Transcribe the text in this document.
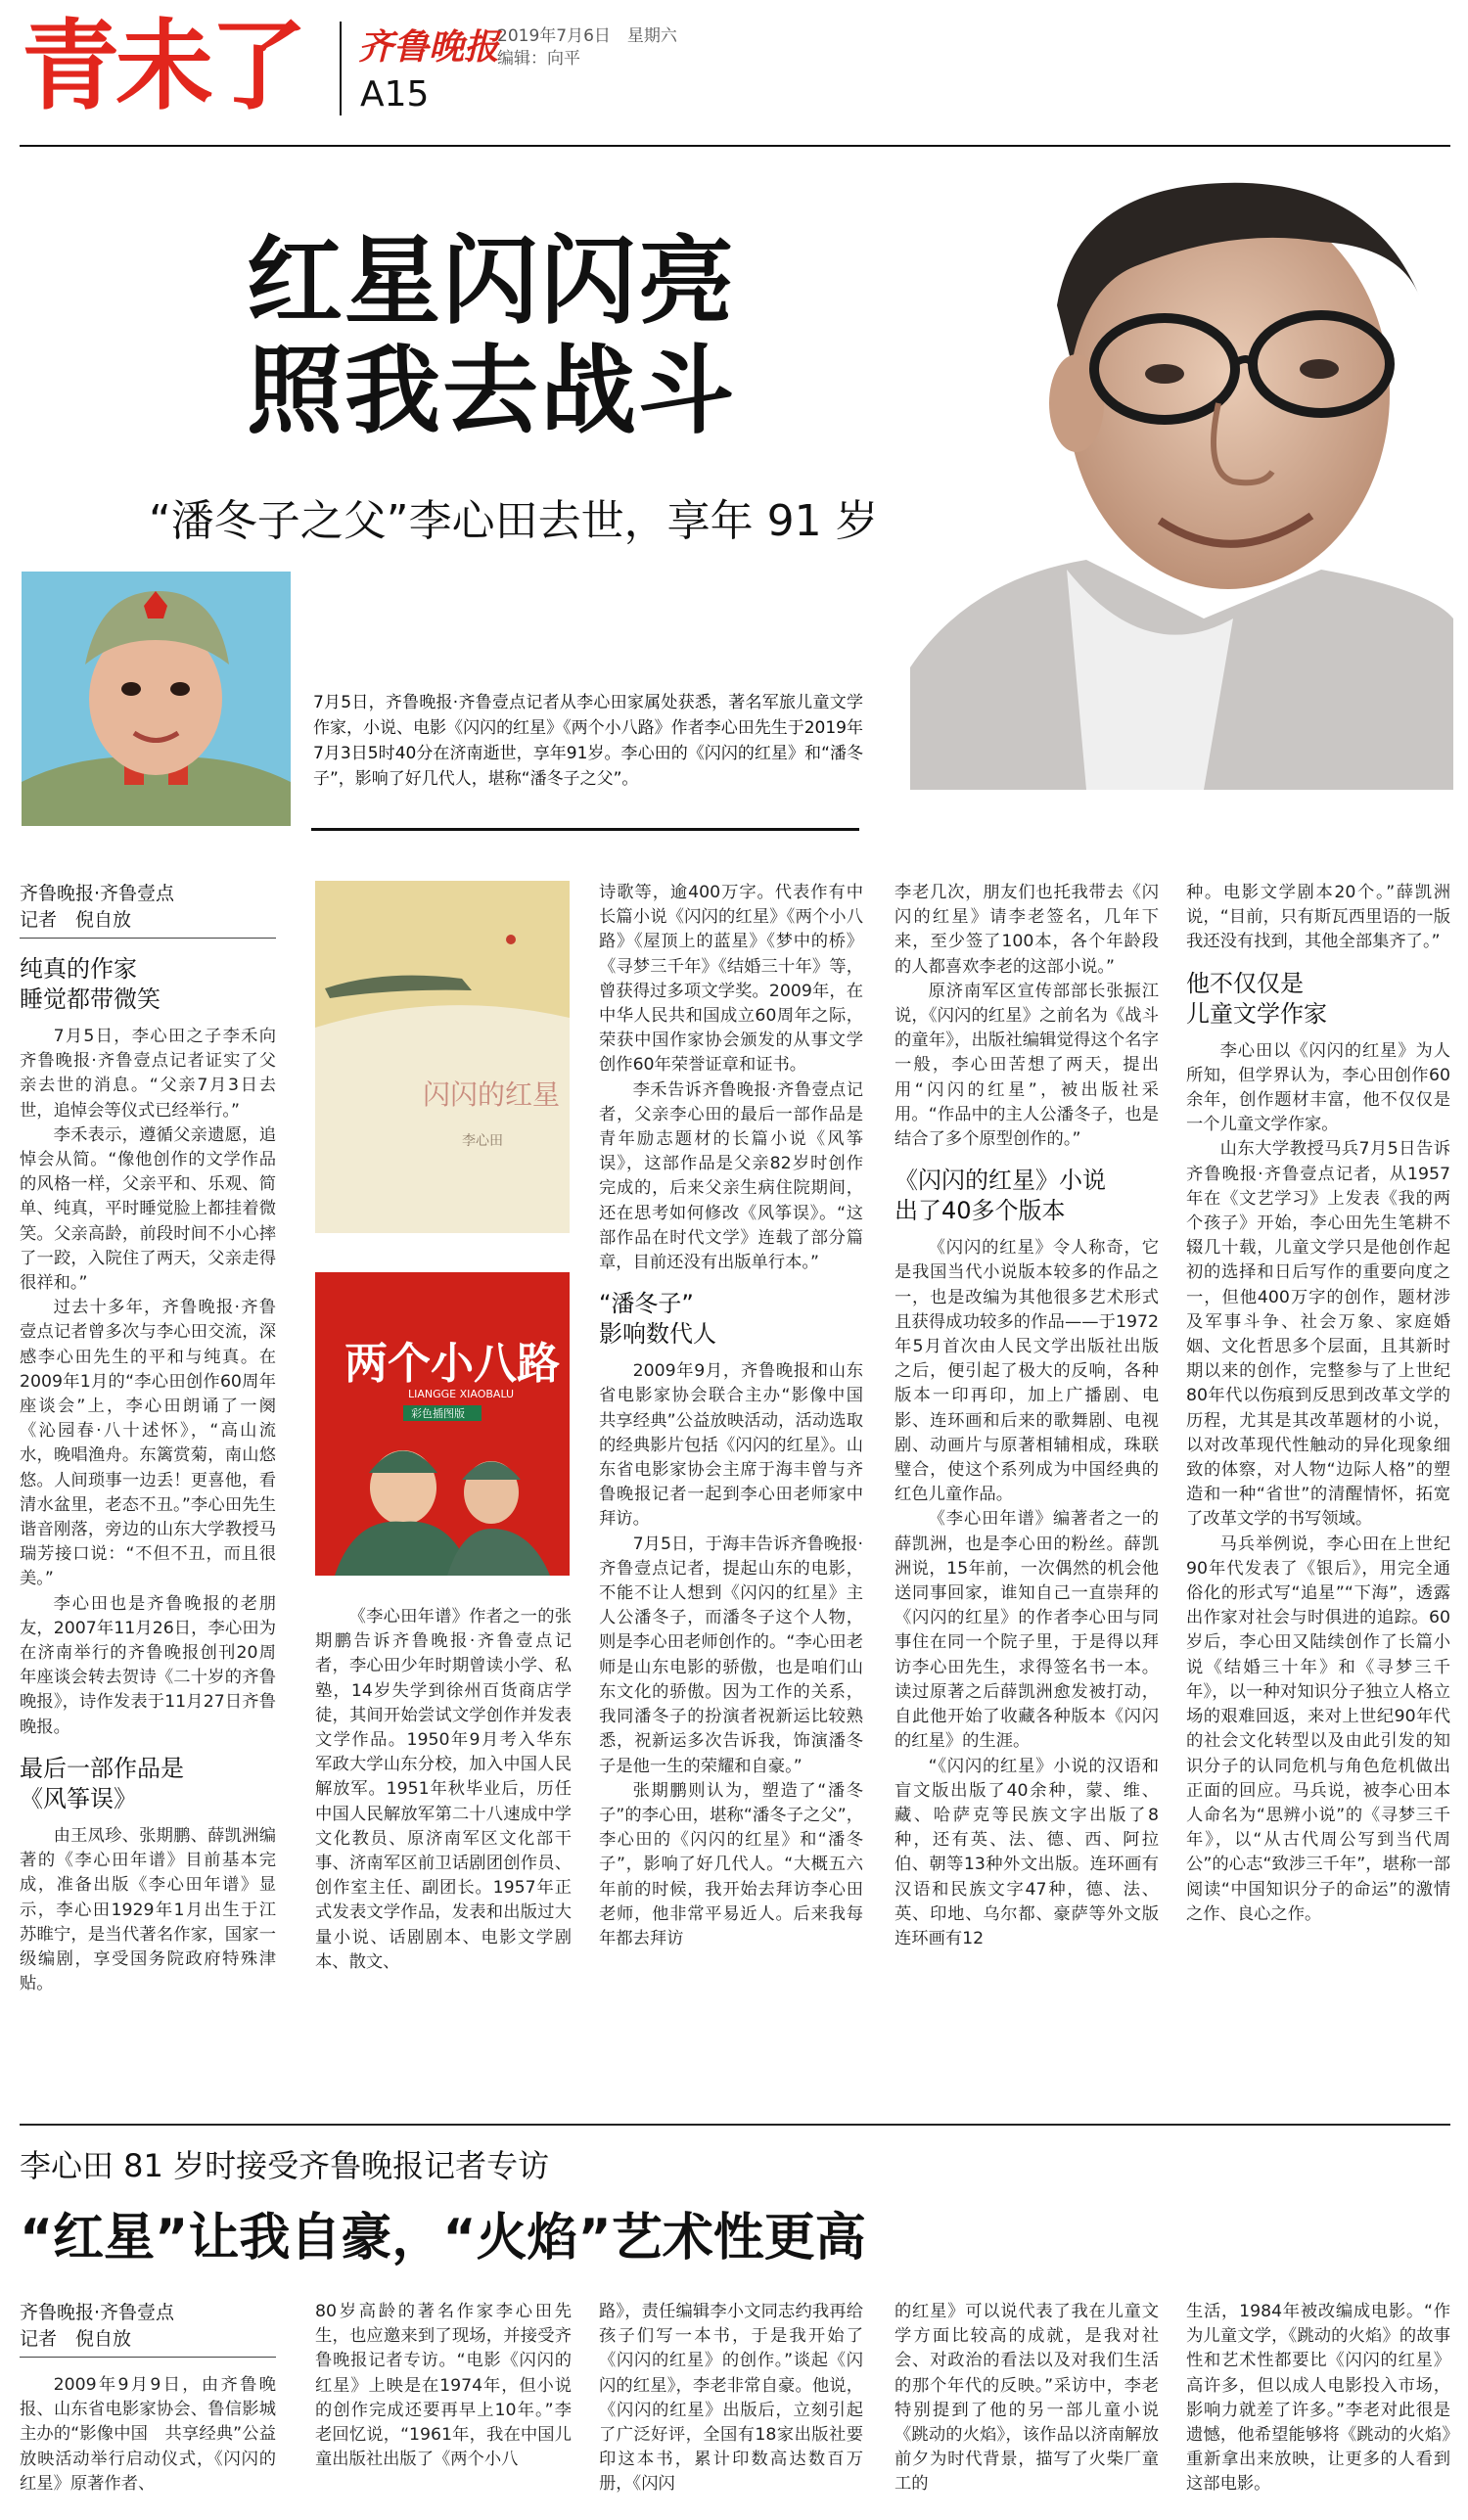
青未了	齐鲁晚报
2019年7月6日　星期六
编辑：向平
A15
红星闪闪亮
照我去战斗
“潘冬子之父”李心田去世，享年 91 岁
7月5日，齐鲁晚报·齐鲁壹点记者从李心田家属处获悉，著名军旅儿童文学作家，小说、电影《闪闪的红星》《两个小八路》作者李心田先生于2019年7月3日5时40分在济南逝世，享年91岁。李心田的《闪闪的红星》和“潘冬子”，影响了好几代人，堪称“潘冬子之父”。
闪闪的红星
李心田
两个小八路
LIANGGE XIAOBALU
彩色插图版

齐鲁晚报·齐鲁壹点

记者　倪自放

纯真的作家
睡觉都带微笑

7月5日，李心田之子李禾向齐鲁晚报·齐鲁壹点记者证实了父亲去世的消息。“父亲7月3日去世，追悼会等仪式已经举行。”

李禾表示，遵循父亲遗愿，追悼会从简。“像他创作的文学作品的风格一样，父亲平和、乐观、简单、纯真，平时睡觉脸上都挂着微笑。父亲高龄，前段时间不小心摔了一跤，入院住了两天，父亲走得很祥和。”

过去十多年，齐鲁晚报·齐鲁壹点记者曾多次与李心田交流，深感李心田先生的平和与纯真。在2009年1月的“李心田创作60周年座谈会”上，李心田朗诵了一阕《沁园春·八十述怀》，“高山流水，晚唱渔舟。东篱赏菊，南山悠悠。人间琐事一边丢！更喜他，看清水盆里，老态不丑。”李心田先生谐音刚落，旁边的山东大学教授马瑞芳接口说：“不但不丑，而且很美。”

李心田也是齐鲁晚报的老朋友，2007年11月26日，李心田为在济南举行的齐鲁晚报创刊20周年座谈会转去贺诗《二十岁的齐鲁晚报》，诗作发表于11月27日齐鲁晚报。

最后一部作品是
《风筝误》

由王凤珍、张期鹏、薛凯洲编著的《李心田年谱》目前基本完成，准备出版《李心田年谱》显示，李心田1929年1月出生于江苏睢宁，是当代著名作家，国家一级编剧，享受国务院政府特殊津贴。

《李心田年谱》作者之一的张期鹏告诉齐鲁晚报·齐鲁壹点记者，李心田少年时期曾读小学、私塾，14岁失学到徐州百货商店学徒，其间开始尝试文学创作并发表文学作品。1950年9月考入华东军政大学山东分校，加入中国人民解放军。1951年秋毕业后，历任中国人民解放军第二十八速成中学文化教员、原济南军区文化部干事、济南军区前卫话剧团创作员、创作室主任、副团长。1957年正式发表文学作品，发表和出版过大量小说、话剧剧本、电影文学剧本、散文、

诗歌等，逾400万字。代表作有中长篇小说《闪闪的红星》《两个小八路》《屋顶上的蓝星》《梦中的桥》《寻梦三千年》《结婚三十年》等，曾获得过多项文学奖。2009年，在中华人民共和国成立60周年之际，荣获中国作家协会颁发的从事文学创作60年荣誉证章和证书。

李禾告诉齐鲁晚报·齐鲁壹点记者，父亲李心田的最后一部作品是青年励志题材的长篇小说《风筝误》，这部作品是父亲82岁时创作完成的，后来父亲生病住院期间，还在思考如何修改《风筝误》。“这部作品在时代文学》连载了部分篇章，目前还没有出版单行本。”

“潘冬子”
影响数代人

2009年9月，齐鲁晚报和山东省电影家协会联合主办“影像中国　共享经典”公益放映活动，活动选取的经典影片包括《闪闪的红星》。山东省电影家协会主席于海丰曾与齐鲁晚报记者一起到李心田老师家中拜访。

7月5日，于海丰告诉齐鲁晚报·齐鲁壹点记者，提起山东的电影，不能不让人想到《闪闪的红星》主人公潘冬子，而潘冬子这个人物，则是李心田老师创作的。“李心田老师是山东电影的骄傲，也是咱们山东文化的骄傲。因为工作的关系，我同潘冬子的扮演者祝新运比较熟悉，祝新运多次告诉我，饰演潘冬子是他一生的荣耀和自豪。”

张期鹏则认为，塑造了“潘冬子”的李心田，堪称“潘冬子之父”，李心田的《闪闪的红星》和“潘冬子”，影响了好几代人。“大概五六年前的时候，我开始去拜访李心田老师，他非常平易近人。后来我每年都去拜访

李老几次，朋友们也托我带去《闪闪的红星》请李老签名，几年下来，至少签了100本，各个年龄段的人都喜欢李老的这部小说。”

原济南军区宣传部部长张振江说，《闪闪的红星》之前名为《战斗的童年》，出版社编辑觉得这个名字一般，李心田苦想了两天，提出用“闪闪的红星”，被出版社采用。“作品中的主人公潘冬子，也是结合了多个原型创作的。”

《闪闪的红星》小说
出了40多个版本

《闪闪的红星》令人称奇，它是我国当代小说版本较多的作品之一，也是改编为其他很多艺术形式且获得成功较多的作品——于1972年5月首次由人民文学出版社出版之后，便引起了极大的反响，各种版本一印再印，加上广播剧、电影、连环画和后来的歌舞剧、电视剧、动画片与原著相辅相成，珠联璧合，使这个系列成为中国经典的红色儿童作品。

《李心田年谱》编著者之一的薛凯洲，也是李心田的粉丝。薛凯洲说，15年前，一次偶然的机会他送同事回家，谁知自己一直崇拜的《闪闪的红星》的作者李心田与同事住在同一个院子里，于是得以拜访李心田先生，求得签名书一本。读过原著之后薛凯洲愈发被打动，自此他开始了收藏各种版本《闪闪的红星》的生涯。

“《闪闪的红星》小说的汉语和盲文版出版了40余种，蒙、维、藏、哈萨克等民族文字出版了8种，还有英、法、德、西、阿拉伯、朝等13种外文出版。连环画有汉语和民族文字47种，德、法、英、印地、乌尔都、豪萨等外文版连环画有12

种。电影文学剧本20个。”薛凯洲说，“目前，只有斯瓦西里语的一版我还没有找到，其他全部集齐了。”

他不仅仅是
儿童文学作家

李心田以《闪闪的红星》为人所知，但学界认为，李心田创作60余年，创作题材丰富，他不仅仅是一个儿童文学作家。

山东大学教授马兵7月5日告诉齐鲁晚报·齐鲁壹点记者，从1957年在《文艺学习》上发表《我的两个孩子》开始，李心田先生笔耕不辍几十载，儿童文学只是他创作起初的选择和日后写作的重要向度之一，但他400万字的创作，题材涉及军事斗争、社会万象、家庭婚姻、文化哲思多个层面，且其新时期以来的创作，完整参与了上世纪80年代以伤痕到反思到改革文学的历程，尤其是其改革题材的小说，以对改革现代性触动的异化现象细致的体察，对人物“边际人格”的塑造和一种“省世”的清醒情怀，拓宽了改革文学的书写领域。

马兵举例说，李心田在上世纪90年代发表了《银后》，用完全通俗化的形式写“追星”“下海”，透露出作家对社会与时俱进的追踪。60岁后，李心田又陆续创作了长篇小说《结婚三十年》和《寻梦三千年》，以一种对知识分子独立人格立场的艰难回返，来对上世纪90年代的社会文化转型以及由此引发的知识分子的认同危机与角色危机做出正面的回应。马兵说，被李心田本人命名为“思辨小说”的《寻梦三千年》，以“从古代周公写到当代周公”的心志“致涉三千年”，堪称一部阅读“中国知识分子的命运”的激情之作、良心之作。

李心田 81 岁时接受齐鲁晚报记者专访
“红星”让我自豪，“火焰”艺术性更高

齐鲁晚报·齐鲁壹点

记者　倪自放

2009年9月9日，由齐鲁晚报、山东省电影家协会、鲁信影城主办的“影像中国　共享经典”公益放映活动举行启动仪式，《闪闪的红星》原著作者、

80岁高龄的著名作家李心田先生，也应邀来到了现场，并接受齐鲁晚报记者专访。“电影《闪闪的红星》上映是在1974年，但小说的创作完成还要再早上10年。”李老回忆说，“1961年，我在中国儿童出版社出版了《两个小八

路》，责任编辑李小文同志约我再给孩子们写一本书，于是我开始了《闪闪的红星》的创作。”谈起《闪闪的红星》，李老非常自豪。他说，《闪闪的红星》出版后，立刻引起了广泛好评，全国有18家出版社要印这本书，累计印数高达数百万册，《闪闪

的红星》可以说代表了我在儿童文学方面比较高的成就，是我对社会、对政治的看法以及对我们生活的那个年代的反映。”采访中，李老特别提到了他的另一部儿童小说《跳动的火焰》，该作品以济南解放前夕为时代背景，描写了火柴厂童工的

生活，1984年被改编成电影。“作为儿童文学，《跳动的火焰》的故事性和艺术性都要比《闪闪的红星》高许多，但以成人电影投入市场，影响力就差了许多。”李老对此很是遗憾，他希望能够将《跳动的火焰》重新拿出来放映，让更多的人看到这部电影。
